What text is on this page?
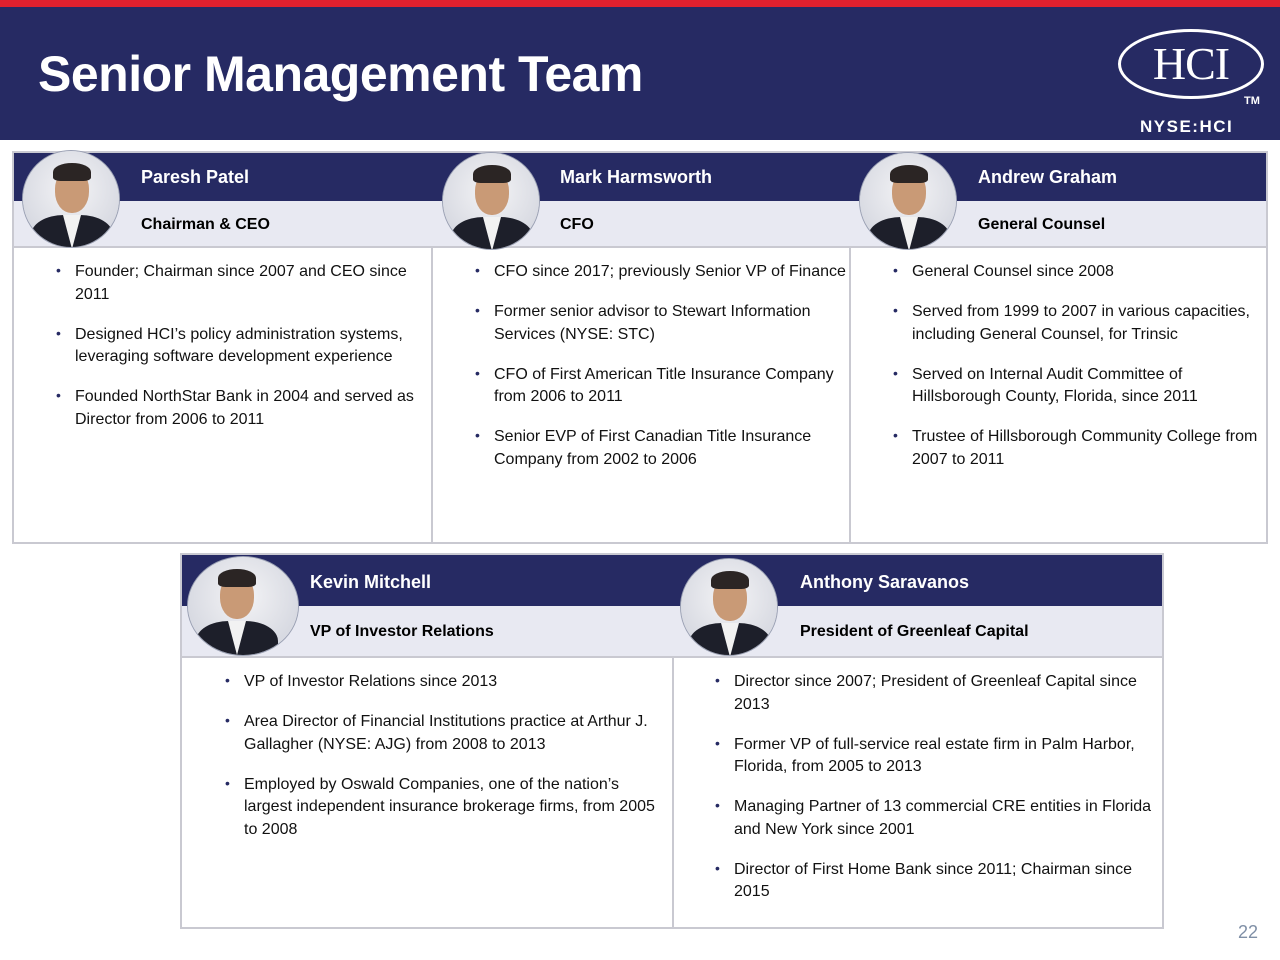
Senior Management Team	HCI
TM
NYSE:HCI
Paresh Patel
Chairman & CEO
• Founder; Chairman since 2007 and CEO since 2011
• Designed HCI’s policy administration systems, leveraging software development experience
• Founded NorthStar Bank in 2004 and served as Director from 2006 to 2011
Mark Harmsworth
CFO
• CFO since 2017; previously Senior VP of Finance
• Former senior advisor to Stewart Information Services (NYSE: STC)
• CFO of First American Title Insurance Company from 2006 to 2011
• Senior EVP of First Canadian Title Insurance Company from 2002 to 2006
Andrew Graham
General Counsel
• General Counsel since 2008
• Served from 1999 to 2007 in various capacities, including General Counsel, for Trinsic
• Served on Internal Audit Committee of Hillsborough County, Florida, since 2011
• Trustee of Hillsborough Community College from 2007 to 2011
Kevin Mitchell
VP of Investor Relations
• VP of Investor Relations since 2013
• Area Director of Financial Institutions practice at Arthur J. Gallagher (NYSE: AJG) from 2008 to 2013
• Employed by Oswald Companies, one of the nation’s largest independent insurance brokerage firms, from 2005 to 2008
Anthony Saravanos
President of Greenleaf Capital
• Director since 2007; President of Greenleaf Capital since 2013
• Former VP of full-service real estate firm in Palm Harbor, Florida, from 2005 to 2013
• Managing Partner of 13 commercial CRE entities in Florida and New York since 2001
• Director of First Home Bank since 2011; Chairman since 2015
22
